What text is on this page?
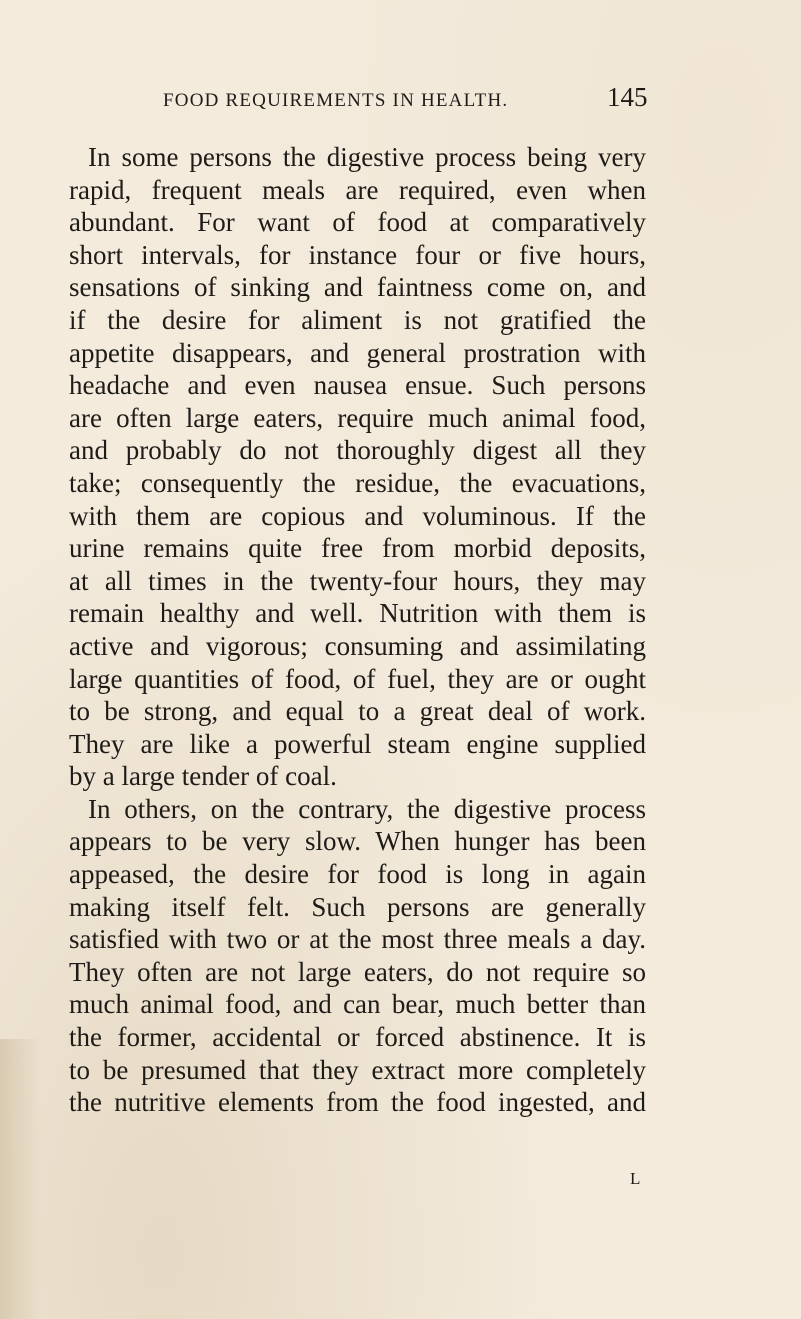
FOOD REQUIREMENTS IN HEALTH.	145
In some persons the digestive process being very
rapid, frequent meals are required, even when
abundant. For want of food at comparatively
short intervals, for instance four or five hours,
sensations of sinking and faintness come on, and
if the desire for aliment is not gratified the
appetite disappears, and general prostration with
headache and even nausea ensue. Such persons
are often large eaters, require much animal food,
and probably do not thoroughly digest all they
take; consequently the residue, the evacuations,
with them are copious and voluminous. If the
urine remains quite free from morbid deposits,
at all times in the twenty-four hours, they may
remain healthy and well. Nutrition with them is
active and vigorous; consuming and assimilating
large quantities of food, of fuel, they are or ought
to be strong, and equal to a great deal of work.
They are like a powerful steam engine supplied
by a large tender of coal.
In others, on the contrary, the digestive process
appears to be very slow. When hunger has been
appeased, the desire for food is long in again
making itself felt. Such persons are generally
satisfied with two or at the most three meals a day.
They often are not large eaters, do not require so
much animal food, and can bear, much better than
the former, accidental or forced abstinence. It is
to be presumed that they extract more completely
the nutritive elements from the food ingested, and
L
